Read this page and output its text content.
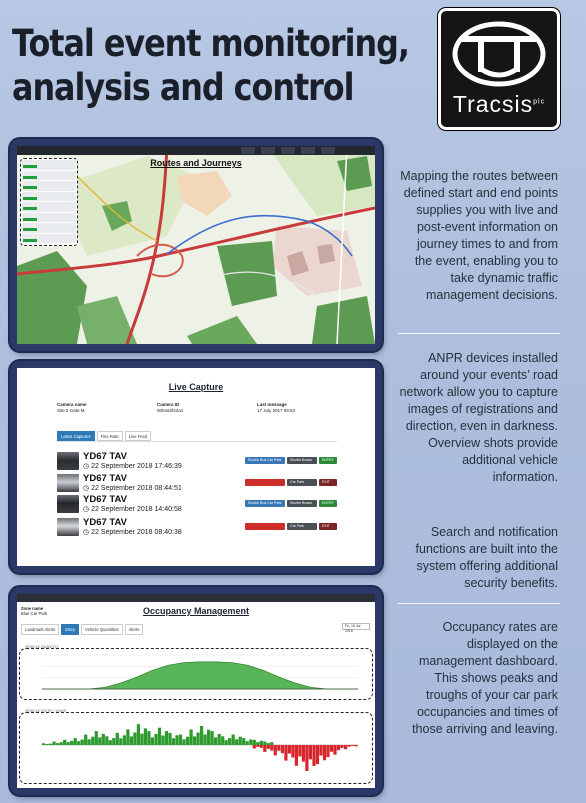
Total event monitoring,
analysis and control	Tracsis$^{plc}$
Routes and Journeys
Mapping the routes between defined start and end points supplies you with live and post-event information on journey times to and from the event, enabling you to take dynamic traffic management decisions.
Live Capture
Camera name
Site 5 Gate M
Camera ID
0004a3f42a1
Last message
17 July 2017 09:53
Latest Captures	Fine Rate	Live Feed
YD67 TAV
◷ 22 September 2018 17:46:39
Shuttle Bus Car Park	Shuttle Buses	ENTRY
YD67 TAV
◷ 22 September 2018 08:44:51
Car Park	EXIT
YD67 TAV
◷ 22 September 2018 14:40:58
Shuttle Bus Car Park	Shuttle Buses	ENTRY
YD67 TAV
◷ 22 September 2018 08:40:38
Car Park	EXIT
ANPR devices installed around your events’ road network allow you to capture images of registrations and direction, even in darkness. Overview shots provide additional vehicle information.
Search and notification functions are built into the system offering additional security benefits.
Occupancy Management
Zone name
Blue Car Park
Landmark Alerts	Entry	Vehicle Quantities	Alerts
Fri, 15 Jul 2016
VEHICLE QUANTITY
VEHICLE ENTRY / LEAVE
Occupancy rates are displayed on the management dashboard. This shows peaks and troughs of your car park occupancies and times of those arriving and leaving.
